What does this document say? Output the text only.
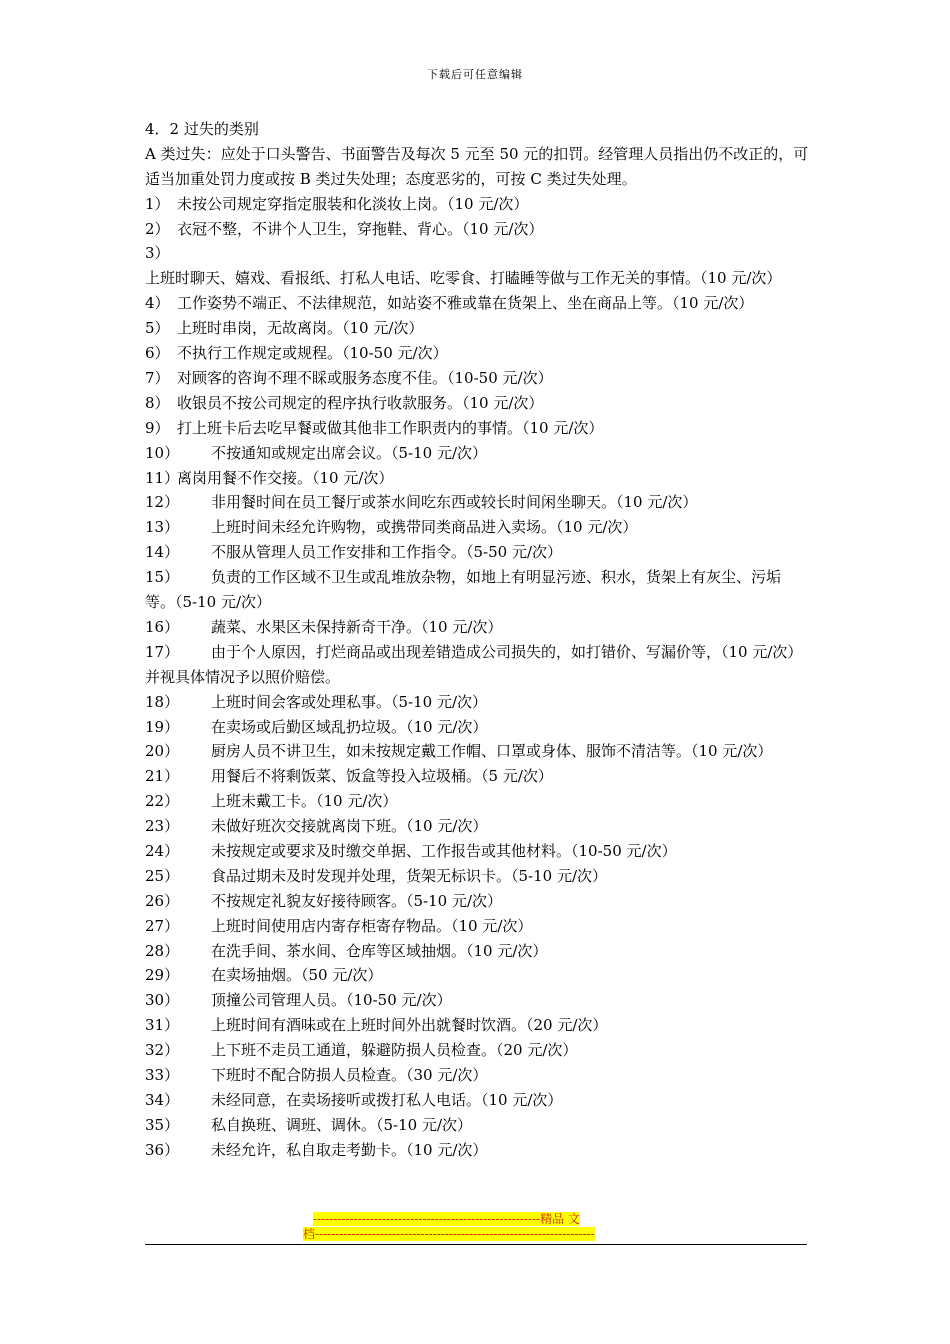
下载后可任意编辑
4．2 过失的类别
A 类过失：应处于口头警告、书面警告及每次 5 元至 50 元的扣罚。经管理人员指出仍不改正的，可适当加重处罚力度或按 B 类过失处理；态度恶劣的，可按 C 类过失处理。
1） 未按公司规定穿指定服装和化淡妆上岗。（10 元/次）
2） 衣冠不整，不讲个人卫生，穿拖鞋、背心。（10 元/次）
3）上班时聊天、嬉戏、看报纸、打私人电话、吃零食、打瞌睡等做与工作无关的事情。（10 元/次）
4） 工作姿势不端正、不法律规范，如站姿不雅或靠在货架上、坐在商品上等。（10 元/次）
5） 上班时串岗，无故离岗。（10 元/次）
6） 不执行工作规定或规程。（10-50 元/次）
7） 对顾客的咨询不理不睬或服务态度不佳。（10-50 元/次）
8） 收银员不按公司规定的程序执行收款服务。（10 元/次）
9） 打上班卡后去吃早餐或做其他非工作职责内的事情。（10 元/次）
10） 不按通知或规定出席会议。（5-10 元/次）
11）离岗用餐不作交接。（10 元/次）
12） 非用餐时间在员工餐厅或茶水间吃东西或较长时间闲坐聊天。（10 元/次）
13） 上班时间未经允许购物，或携带同类商品进入卖场。（10 元/次）
14） 不服从管理人员工作安排和工作指令。（5-50 元/次）
15） 负责的工作区域不卫生或乱堆放杂物，如地上有明显污迹、积水，货架上有灰尘、污垢等。（5-10 元/次）
16） 蔬菜、水果区未保持新奇干净。（10 元/次）
17） 由于个人原因，打烂商品或出现差错造成公司损失的，如打错价、写漏价等，（10 元/次）并视具体情况予以照价赔偿。
18） 上班时间会客或处理私事。（5-10 元/次）
19） 在卖场或后勤区域乱扔垃圾。（10 元/次）
20） 厨房人员不讲卫生，如未按规定戴工作帽、口罩或身体、服饰不清洁等。（10 元/次）
21） 用餐后不将剩饭菜、饭盒等投入垃圾桶。（5 元/次）
22） 上班未戴工卡。（10 元/次）
23） 未做好班次交接就离岗下班。（10 元/次）
24） 未按规定或要求及时缴交单据、工作报告或其他材料。（10-50 元/次）
25） 食品过期未及时发现并处理，货架无标识卡。（5-10 元/次）
26） 不按规定礼貌友好接待顾客。（5-10 元/次）
27） 上班时间使用店内寄存柜寄存物品。（10 元/次）
28） 在洗手间、茶水间、仓库等区域抽烟。（10 元/次）
29） 在卖场抽烟。（50 元/次）
30） 顶撞公司管理人员。（10-50 元/次）
31） 上班时间有酒味或在上班时间外出就餐时饮酒。（20 元/次）
32） 上下班不走员工通道，躲避防损人员检查。（20 元/次）
33） 下班时不配合防损人员检查。（30 元/次）
34） 未经同意，在卖场接听或拨打私人电话。（10 元/次）
35） 私自换班、调班、调休。（5-10 元/次）
36） 未经允许，私自取走考勤卡。（10 元/次）
--------------------------------------------------------精品 文
档---------------------------------------------------------------------
